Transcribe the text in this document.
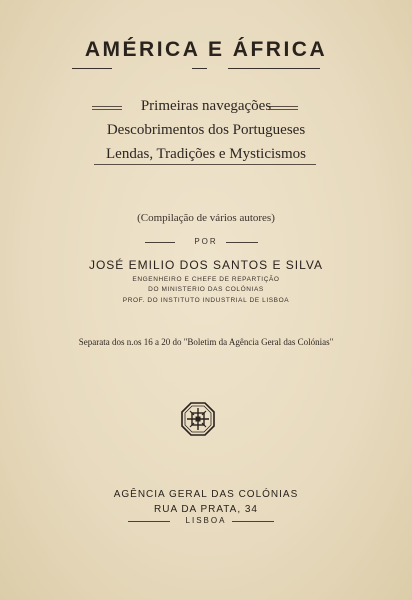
AMÉRICA E ÁFRICA
Primeiras navegações
Descobrimentos dos Portugueses
Lendas, Tradições e Mysticismos
(Compilação de vários autores)
POR
JOSÉ EMILIO DOS SANTOS E SILVA
ENGENHEIRO E CHEFE DE REPARTIÇÃO
DO MINISTERIO DAS COLÓNIAS
PROF. DO INSTITUTO INDUSTRIAL DE LISBOA
Separata dos n.os 16 a 20 do "Boletim da Agência Geral das Colónias"
AGÊNCIA GERAL DAS COLÓNIAS
RUA DA PRATA, 34
LISBOA
